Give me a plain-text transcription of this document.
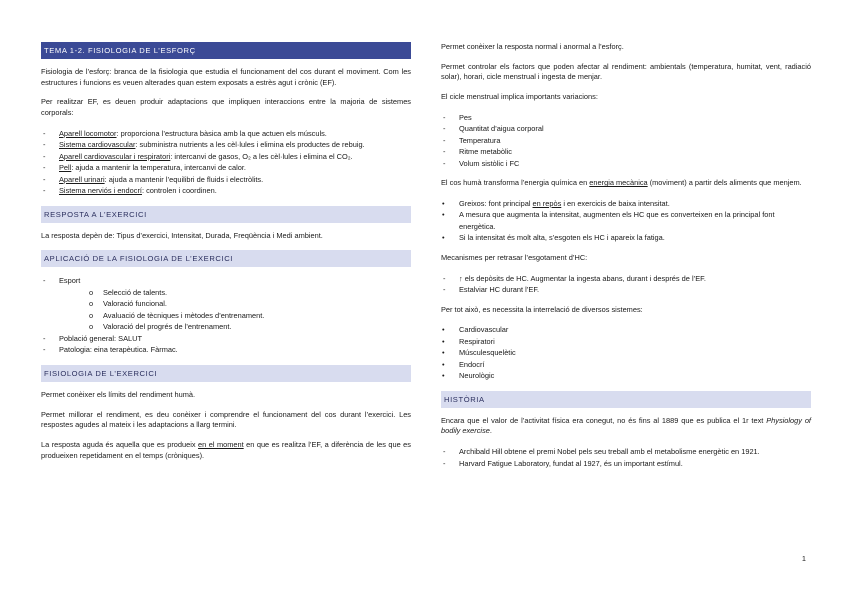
TEMA 1-2. FISIOLOGIA DE L’ESFORÇ

Fisiologia de l’esforç: branca de la fisiologia que estudia el funcionament del cos durant el moviment. Com les estructures i funcions es veuen alterades quan estem exposats a estrès agut i crònic (EF).

Per realitzar EF, es deuen produir adaptacions que impliquen interaccions entre la majoria de sistemes corporals:

- Aparell locomotor: proporciona l’estructura bàsica amb la que actuen els músculs.
- Sistema cardiovascular: subministra nutrients a les cèl·lules i elimina els productes de rebuig.
- Aparell cardiovascular i respiratori: intercanvi de gasos, O₂ a les cèl·lules i elimina el CO₂.
- Pell: ajuda a mantenir la temperatura, intercanvi de calor.
- Aparell urinari: ajuda a mantenir l’equilibri de fluids i electròlits.
- Sistema nerviós i endocrí: controlen i coordinen.
RESPOSTA A L’EXERCICI

La resposta depèn de: Tipus d’exercici, Intensitat, Durada, Freqüència i Medi ambient.

APLICACIÓ DE LA FISIOLOGIA DE L’EXERCICI
- Esport
o Selecció de talents.
o Valoració funcional.
o Avaluació de tècniques i mètodes d’entrenament.
o Valoració del progrés de l’entrenament.
- Població general: SALUT
- Patologia: eina terapèutica. Fàrmac.
FISIOLOGIA DE L’EXERCICI

Permet conèixer els límits del rendiment humà.

Permet millorar el rendiment, es deu conèixer i comprendre el funcionament del cos durant l’exercici. Les respostes agudes al mateix i les adaptacions a llarg termini.

La resposta aguda és aquella que es produeix en el moment en que es realitza l’EF, a diferència de les que es produeixen repetidament en el temps (cròniques).

Permet conèixer la resposta normal i anormal a l’esforç.

Permet controlar els factors que poden afectar al rendiment: ambientals (temperatura, humitat, vent, radiació solar), horari, cicle menstrual i ingesta de menjar.

El cicle menstrual implica importants variacions:

- Pes
- Quantitat d’aigua corporal
- Temperatura
- Ritme metabòlic
- Volum sistòlic i FC

El cos humà transforma l’energia química en energia mecànica (moviment) a partir dels aliments que menjem.

• Greixos: font principal en repòs i en exercicis de baixa intensitat.
• A mesura que augmenta la intensitat, augmenten els HC que es converteixen en la principal font energètica.
• Si la intensitat és molt alta, s’esgoten els HC i apareix la fatiga.

Mecanismes per retrasar l’esgotament d’HC:

- ↑ els depòsits de HC. Augmentar la ingesta abans, durant i després de l’EF.
- Estalviar HC durant l’EF.

Per tot això, es necessita la interrelació de diversos sistemes:

• Cardiovascular
• Respiratori
• Músculesquelètic
• Endocrí
• Neurològic
HISTÒRIA

Encara que el valor de l’activitat física era conegut, no és fins al 1889 que es publica el 1r text Physiology of bodily exercise.

- Archibald Hill obtene el premi Nobel pels seu treball amb el metabolisme energètic en 1921.
- Harvard Fatigue Laboratory, fundat al 1927, és un important estímul.
1
